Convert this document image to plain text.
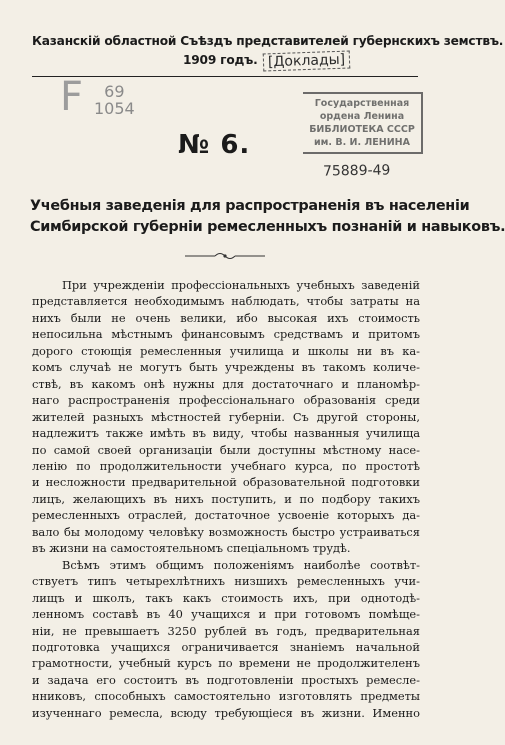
Казанскій областной Съѣздъ представителей губернскихъ земствъ.
1909 годъ. [Доклады]
F	69
1054	Государственная
ордена Ленина
БИБЛИОТЕКА СССР
им. В. И. ЛЕНИНА
№ 6.
75889-49
Учебныя заведенія для распространенія въ населеніи
Симбирской губерніи ремесленныхъ познаній и навыковъ.
При учрежденіи профессіональныхъ учебныхъ заведеній
представляется необходимымъ наблюдать, чтобы затраты на
нихъ были не очень велики, ибо высокая ихъ стоимость
непосильна мѣстнымъ финансовымъ средствамъ и притомъ
дорого стоющія ремесленныя училища и школы ни въ ка-
комъ случаѣ не могутъ быть учреждены въ такомъ количе-
ствѣ, въ какомъ онѣ нужны для достаточнаго и планомѣр-
наго распространенія профессіональнаго образованія среди
жителей разныхъ мѣстностей губерніи. Съ другой стороны,
надлежитъ также имѣть въ виду, чтобы названныя училища
по самой своей организаціи были доступны мѣстному насе-
ленію по продолжительности учебнаго курса, по простотѣ
и несложности предварительной образовательной подготовки
лицъ, желающихъ въ нихъ поступить, и по подбору такихъ
ремесленныхъ отраслей, достаточное усвоеніе которыхъ да-
вало бы молодому человѣку возможность быстро устраиваться
въ жизни на самостоятельномъ спеціальномъ трудѣ.
Всѣмъ этимъ общимъ положеніямъ наиболѣе соотвѣт-
ствуетъ типъ четырехлѣтнихъ низшихъ ремесленныхъ учи-
лищъ и школъ, такъ какъ стоимость ихъ, при однотодѣ-
ленномъ составѣ въ 40 учащихся и при готовомъ помѣще-
ніи, не превышаетъ 3250 рублей въ годъ, предварительная
подготовка учащихся ограничивается знаніемъ начальной
грамотности, учебный курсъ по времени не продолжителенъ
и задача его состоитъ въ подготовленіи простыхъ ремесле-
нниковъ, способныхъ самостоятельно изготовлять предметы
изученнаго ремесла, всюду требующіеся въ жизни. Именно
